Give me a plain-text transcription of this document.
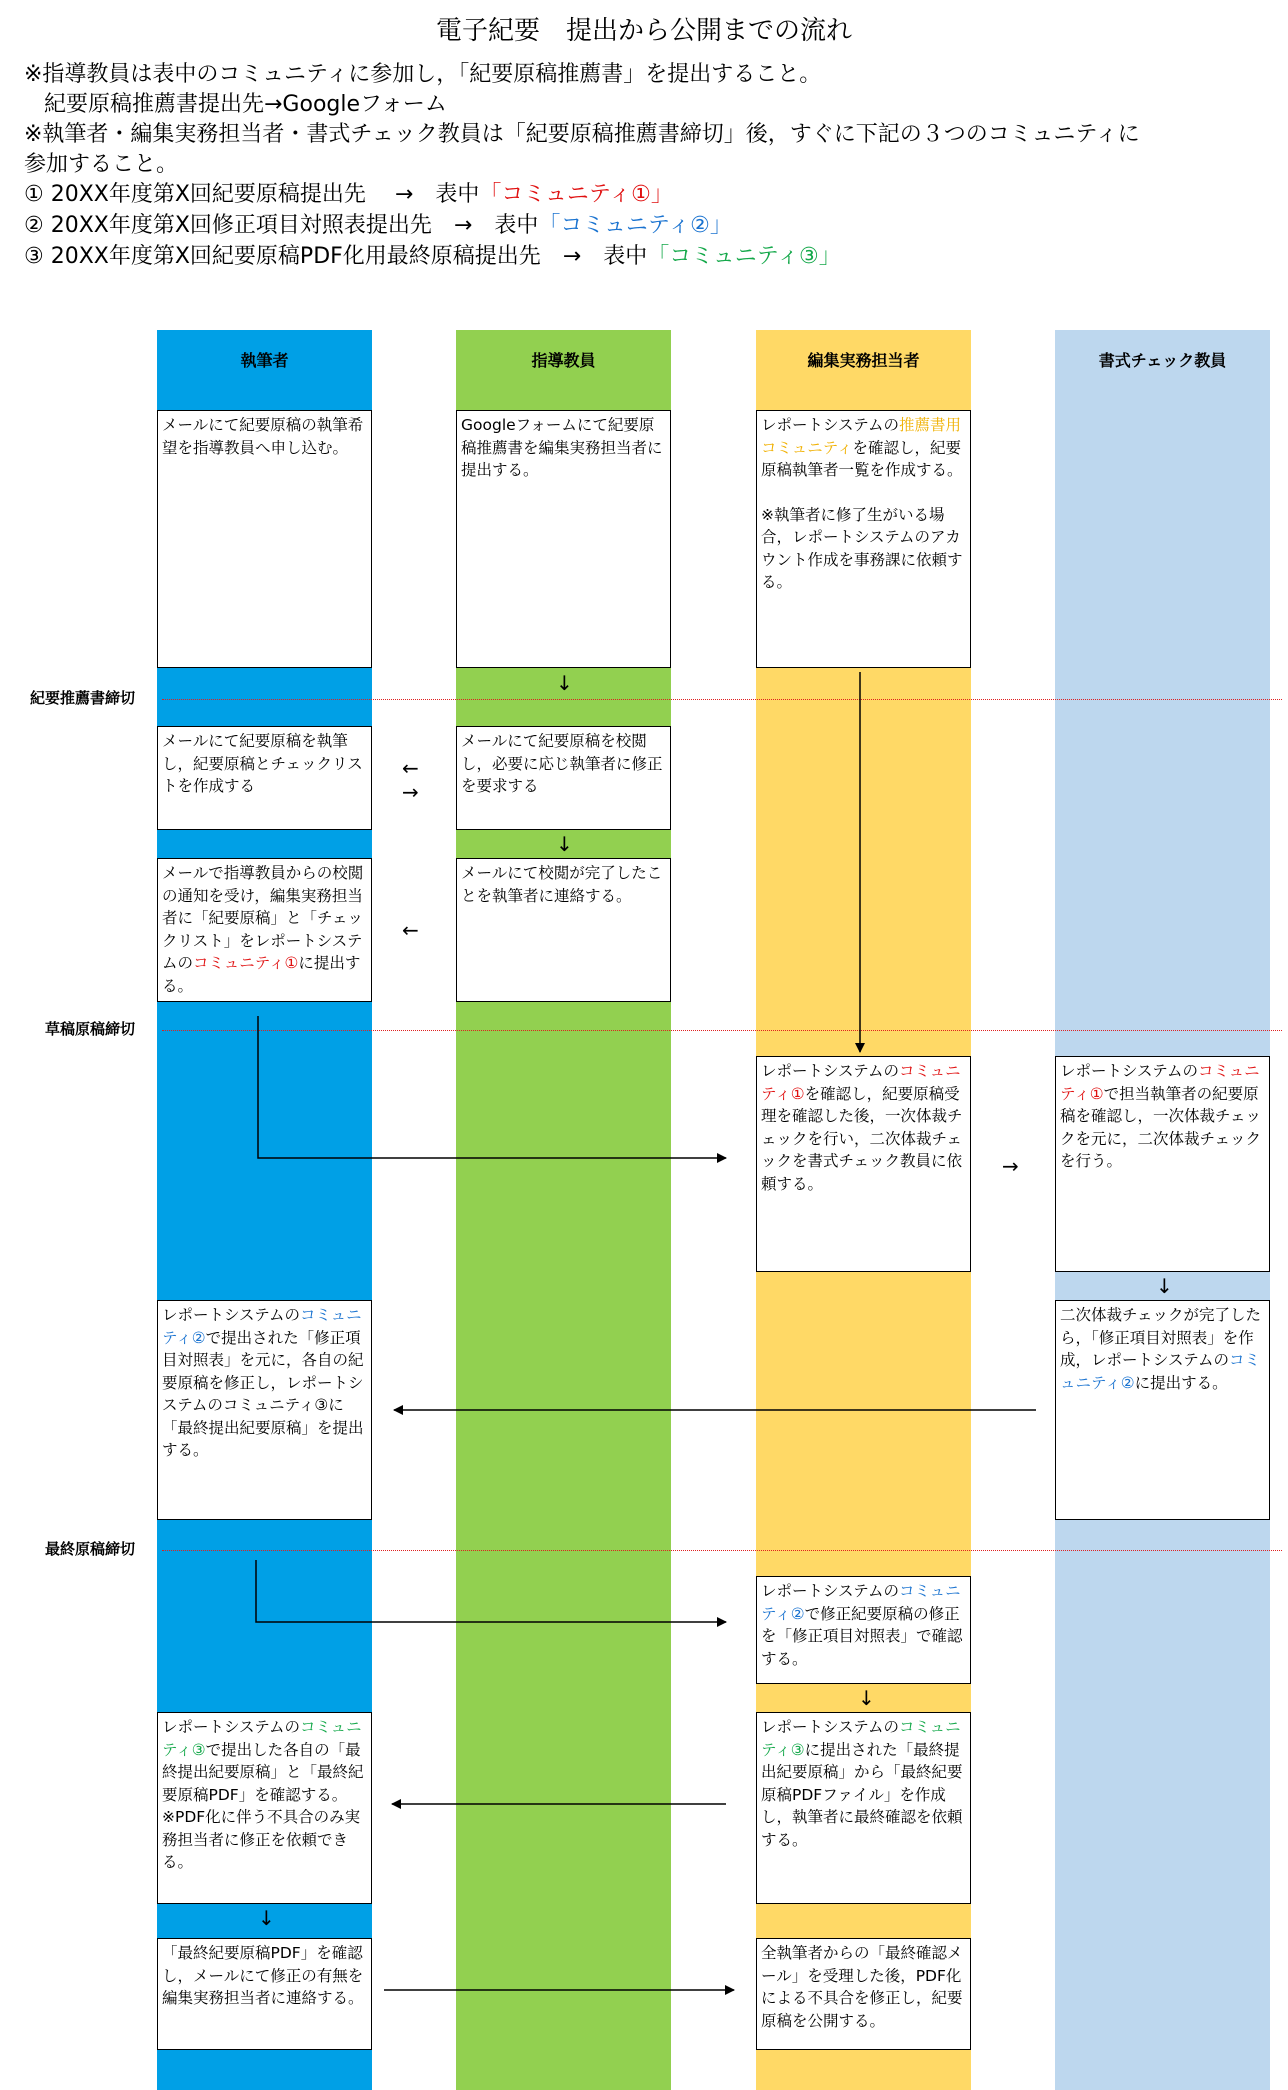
電子紀要　提出から公開までの流れ
※指導教員は表中のコミュニティに参加し，「紀要原稿推薦書」を提出すること。
紀要原稿推薦書提出先→Googleフォーム
※執筆者・編集実務担当者・書式チェック教員は「紀要原稿推薦書締切」後，すぐに下記の３つのコミュニティに
参加すること。
① 20XX年度第X回紀要原稿提出先　 →　表中「コミュニティ①」
② 20XX年度第X回修正項目対照表提出先　→　表中「コミュニティ②」
③ 20XX年度第X回紀要原稿PDF化用最終原稿提出先　→　表中「コミュニティ③」
執筆者	指導教員	編集実務担当者	書式チェック教員
紀要推薦書締切
草稿原稿締切
最終原稿締切

メールにて紀要原稿の執筆希望を指導教員へ申し込む。

Googleフォームにて紀要原稿推薦書を編集実務担当者に提出する。

レポートシステムの推薦書用コミュニティを確認し，紀要原稿執筆者一覧を作成する。

※執筆者に修了生がいる場合，レポートシステムのアカウント作成を事務課に依頼する。

メールにて紀要原稿を執筆し，紀要原稿とチェックリストを作成する

メールにて紀要原稿を校閲し，必要に応じ執筆者に修正を要求する

メールで指導教員からの校閲の通知を受け，編集実務担当者に「紀要原稿」と「チェックリスト」をレポートシステムのコミュニティ①に提出する。

メールにて校閲が完了したことを執筆者に連絡する。

レポートシステムのコミュニティ①を確認し，紀要原稿受理を確認した後，一次体裁チェックを行い，二次体裁チェックを書式チェック教員に依頼する。

レポートシステムのコミュニティ①で担当執筆者の紀要原稿を確認し，一次体裁チェックを元に，二次体裁チェックを行う。

レポートシステムのコミュニティ②で提出された「修正項目対照表」を元に，各自の紀要原稿を修正し，レポートシステムのコミュニティ③に「最終提出紀要原稿」を提出する。

二次体裁チェックが完了したら，「修正項目対照表」を作成，レポートシステムのコミュニティ②に提出する。

レポートシステムのコミュニティ②で修正紀要原稿の修正を「修正項目対照表」で確認する。

レポートシステムのコミュニティ③で提出した各自の「最終提出紀要原稿」と「最終紀要原稿PDF」を確認する。

※PDF化に伴う不具合のみ実務担当者に修正を依頼できる。

レポートシステムのコミュニティ③に提出された「最終提出紀要原稿」から「最終紀要原稿PDFファイル」を作成し，執筆者に最終確認を依頼する。

「最終紀要原稿PDF」を確認し，メールにて修正の有無を編集実務担当者に連絡する。

全執筆者からの「最終確認メール」を受理した後，PDF化による不具合を修正し，紀要原稿を公開する。

↓
←
→
↓
←
→
↓
↓
↓
